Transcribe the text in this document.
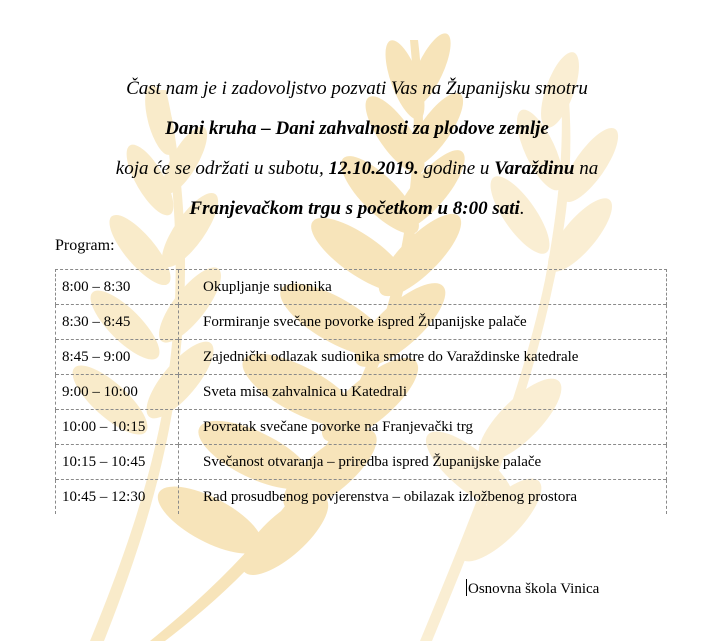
Čast nam je i zadovoljstvo pozvati Vas na Županijsku smotru
Dani kruha – Dani zahvalnosti za plodove zemlje
koja će se održati u subotu, 12.10.2019. godine u Varaždinu na
Franjevačkom trgu s početkom u 8:00 sati.
Program:
8:00 – 8:30	Okupljanje sudionika
8:30 – 8:45	Formiranje svečane povorke ispred Županijske palače
8:45 – 9:00	Zajednički odlazak sudionika smotre do Varaždinske katedrale
9:00 – 10:00	Sveta misa zahvalnica u Katedrali
10:00 – 10:15	Povratak svečane povorke na Franjevački trg
10:15 – 10:45	Svečanost otvaranja – priredba ispred Županijske palače
10:45 – 12:30	Rad prosudbenog povjerenstva – obilazak izložbenog prostora
Osnovna škola Vinica
